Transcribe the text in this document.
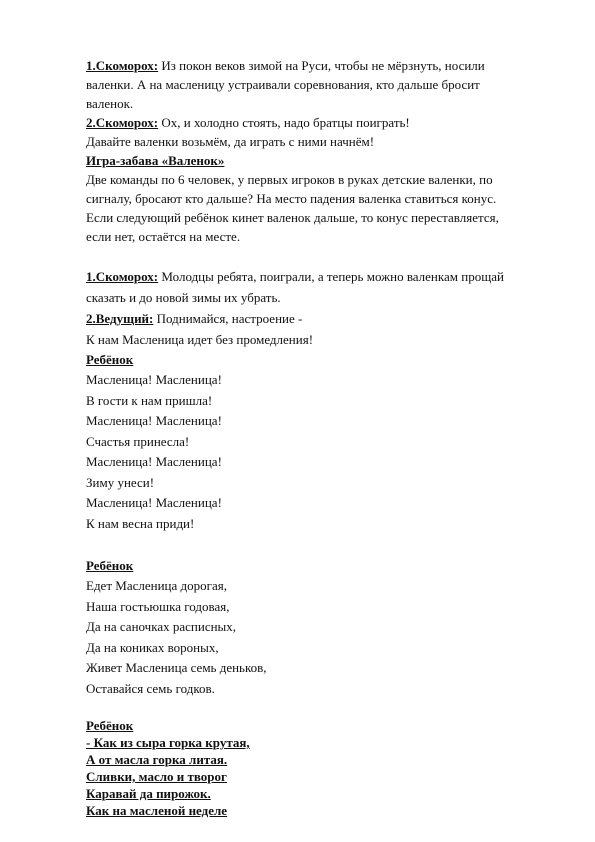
1.Скоморох: Из покон веков зимой на Руси, чтобы не мёрзнуть, носили
валенки. А на масленицу устраивали соревнования, кто дальше бросит
валенок.
2.Скоморох: Ох, и холодно стоять, надо братцы поиграть!
Давайте валенки возьмём, да играть с ними начнём!
Игра-забава «Валенок»
Две команды по 6 человек, у первых игроков в руках детские валенки, по
сигналу, бросают кто дальше? На место падения валенка ставиться конус.
Если следующий ребёнок кинет валенок дальше, то конус переставляется,
если нет, остаётся на месте.
1.Скоморох: Молодцы ребята, поиграли, а теперь можно валенкам прощай
сказать и до новой зимы их убрать.
2.Ведущий: Поднимайся, настроение -
К нам Масленица идет без промедления!
Ребёнок
Масленица! Масленица!
В гости к нам пришла!
Масленица! Масленица!
Счастья принесла!
Масленица! Масленица!
Зиму унеси!
Масленица! Масленица!
К нам весна приди!
Ребёнок
Едет Масленица дорогая,
Наша гостьюшка годовая,
Да на саночках расписных,
Да на кониках вороных,
Живет Масленица семь деньков,
Оставайся семь годков.
Ребёнок
- Как из сыра горка крутая,
А от масла горка литая.
Сливки, масло и творог
Каравай да пирожок.
Как на масленой неделе
